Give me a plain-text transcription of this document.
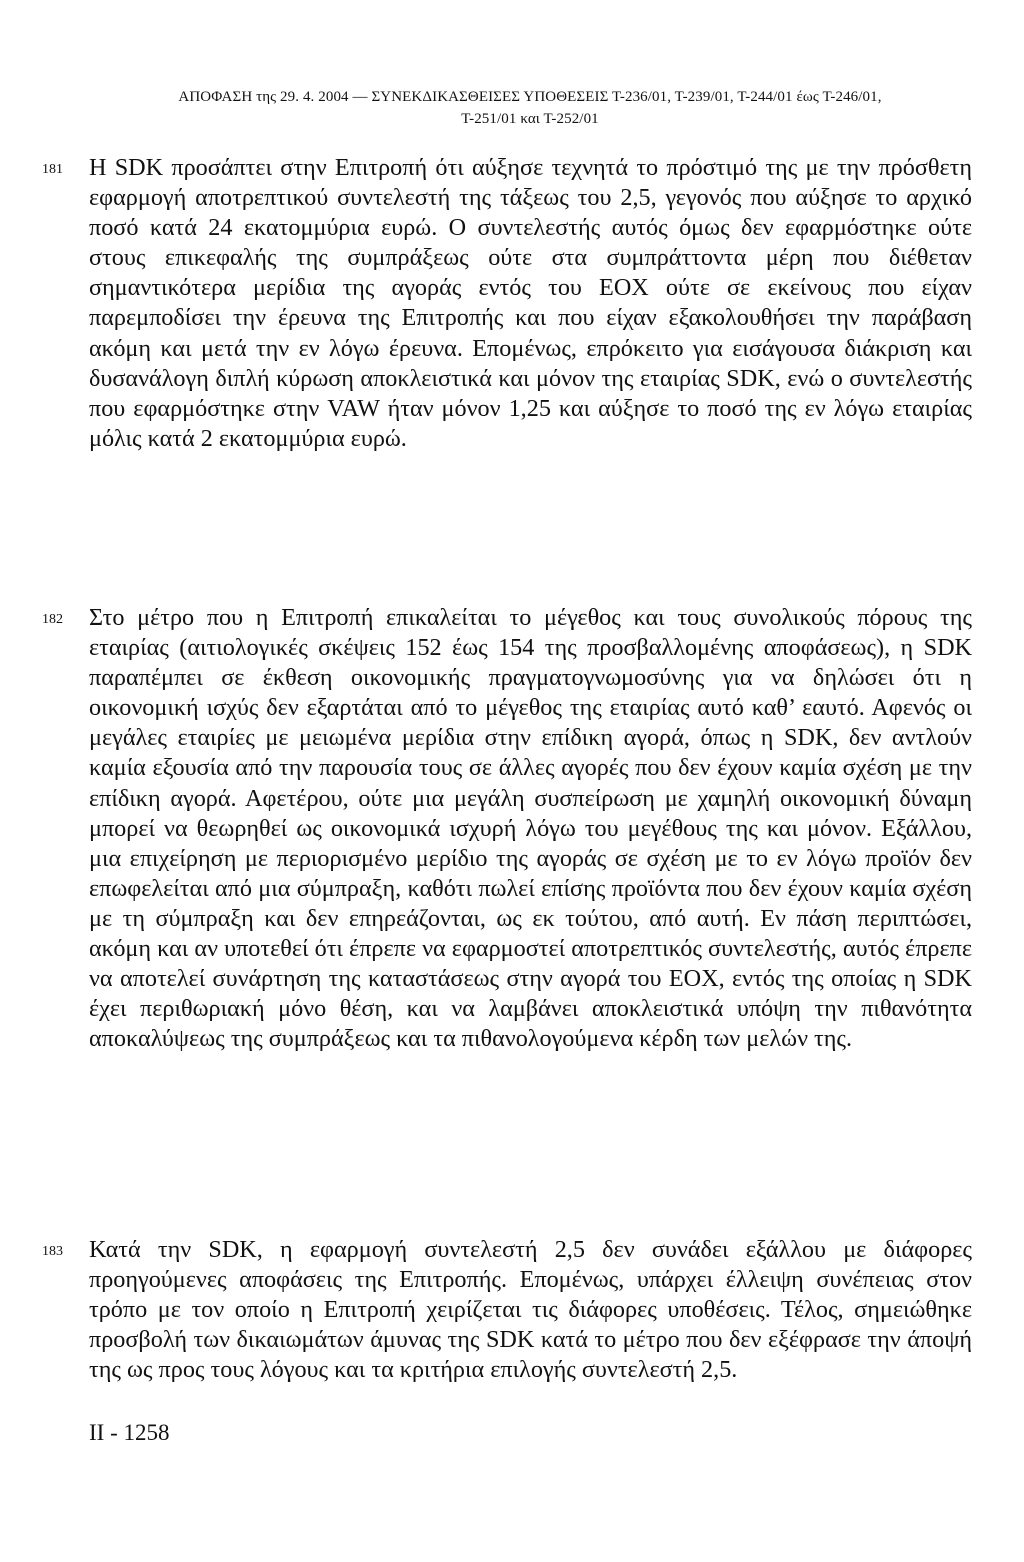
ΑΠΟΦΑΣΗ της 29. 4. 2004 — ΣΥΝΕΚΔΙΚΑΣΘΕΙΣΕΣ ΥΠΟΘΕΣΕΙΣ Τ-236/01, Τ-239/01, Τ-244/01 έως Τ-246/01,
Τ-251/01 και Τ-252/01
181 Η SDK προσάπτει στην Επιτροπή ότι αύξησε τεχνητά το πρόστιμό της με την πρόσθετη εφαρμογή αποτρεπτικού συντελεστή της τάξεως του 2,5, γεγονός που αύξησε το αρχικό ποσό κατά 24 εκατομμύρια ευρώ. Ο συντελεστής αυτός όμως δεν εφαρμόστηκε ούτε στους επικεφαλής της συμπράξεως ούτε στα συμπράττοντα μέρη που διέθεταν σημαντικότερα μερίδια της αγοράς εντός του ΕΟΧ ούτε σε εκείνους που είχαν παρεμποδίσει την έρευνα της Επιτροπής και που είχαν εξακολουθήσει την παράβαση ακόμη και μετά την εν λόγω έρευνα. Επομένως, επρόκειτο για εισάγουσα διάκριση και δυσανάλογη διπλή κύρωση αποκλειστικά και μόνον της εταιρίας SDK, ενώ ο συντελεστής που εφαρμόστηκε στην VAW ήταν μόνον 1,25 και αύξησε το ποσό της εν λόγω εταιρίας μόλις κατά 2 εκατομμύρια ευρώ.

182 Στο μέτρο που η Επιτροπή επικαλείται το μέγεθος και τους συνολικούς πόρους της εταιρίας (αιτιολογικές σκέψεις 152 έως 154 της προσβαλλομένης αποφάσεως), η SDK παραπέμπει σε έκθεση οικονομικής πραγματογνωμοσύνης για να δηλώσει ότι η οικονομική ισχύς δεν εξαρτάται από το μέγεθος της εταιρίας αυτό καθ’ εαυτό. Αφενός οι μεγάλες εταιρίες με μειωμένα μερίδια στην επίδικη αγορά, όπως η SDK, δεν αντλούν καμία εξουσία από την παρουσία τους σε άλλες αγορές που δεν έχουν καμία σχέση με την επίδικη αγορά. Αφετέρου, ούτε μια μεγάλη συσπείρωση με χαμηλή οικονομική δύναμη μπορεί να θεωρηθεί ως οικονομικά ισχυρή λόγω του μεγέθους της και μόνον. Εξάλλου, μια επιχείρηση με περιορισμένο μερίδιο της αγοράς σε σχέση με το εν λόγω προϊόν δεν επωφελείται από μια σύμπραξη, καθότι πωλεί επίσης προϊόντα που δεν έχουν καμία σχέση με τη σύμπραξη και δεν επηρεάζονται, ως εκ τούτου, από αυτή. Εν πάση περιπτώσει, ακόμη και αν υποτεθεί ότι έπρεπε να εφαρμοστεί αποτρεπτικός συντελεστής, αυτός έπρεπε να αποτελεί συνάρτηση της καταστάσεως στην αγορά του ΕΟΧ, εντός της οποίας η SDK έχει περιθωριακή μόνο θέση, και να λαμβάνει αποκλειστικά υπόψη την πιθανότητα αποκαλύψεως της συμπράξεως και τα πιθανολογούμενα κέρδη των μελών της.

183 Κατά την SDK, η εφαρμογή συντελεστή 2,5 δεν συνάδει εξάλλου με διάφορες προηγούμενες αποφάσεις της Επιτροπής. Επομένως, υπάρχει έλλειψη συνέπειας στον τρόπο με τον οποίο η Επιτροπή χειρίζεται τις διάφορες υποθέσεις. Τέλος, σημειώθηκε προσβολή των δικαιωμάτων άμυνας της SDK κατά το μέτρο που δεν εξέφρασε την άποψή της ως προς τους λόγους και τα κριτήρια επιλογής συντελεστή 2,5.

II - 1258
